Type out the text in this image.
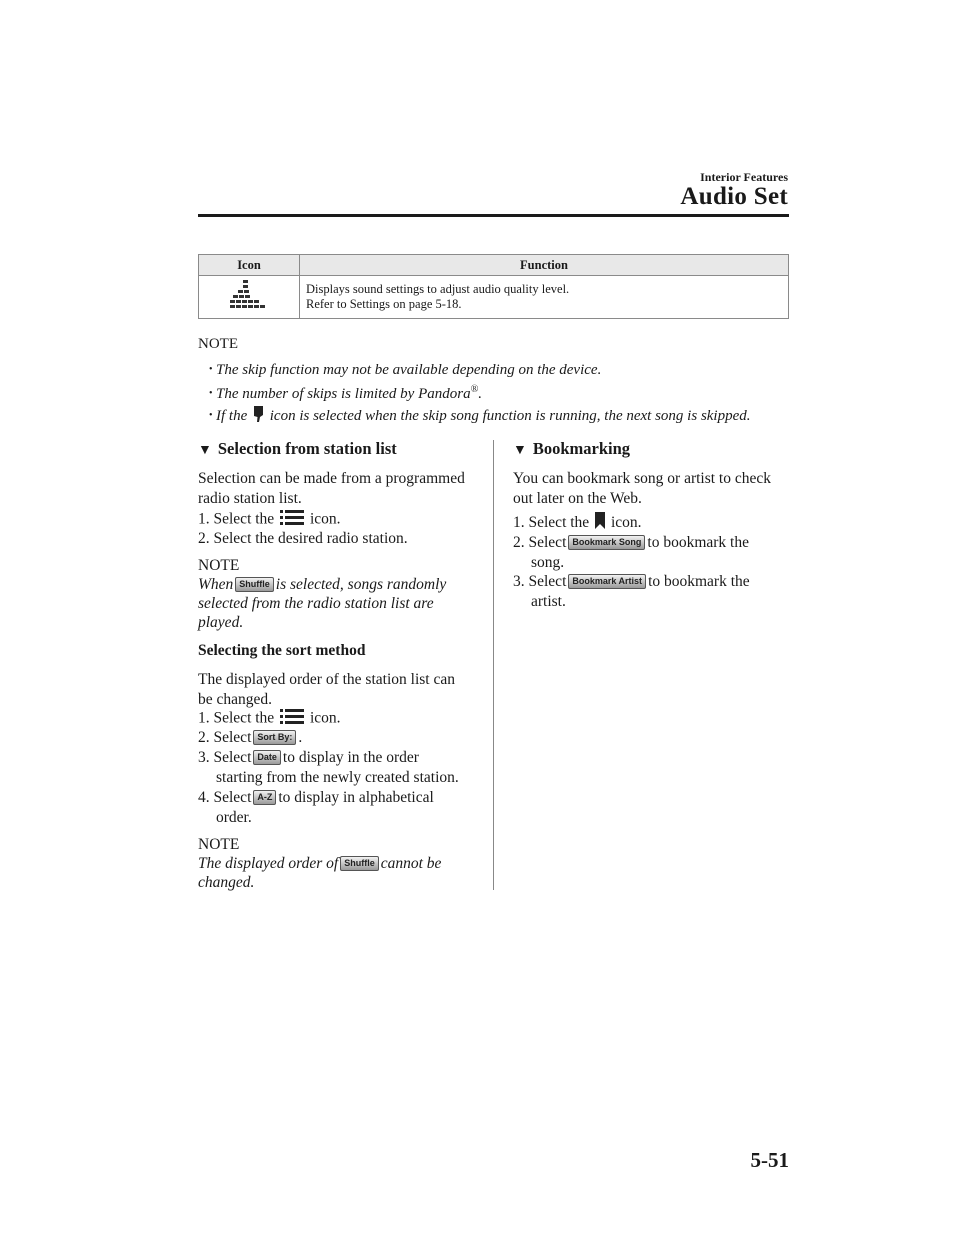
Interior Features
Audio Set
Icon	Function

Displays sound settings to adjust audio quality level.
Refer to Settings on page 5-18.
NOTE
• The skip function may not be available depending on the device.
• The number of skips is limited by Pandora®.
• If the icon is selected when the skip song function is running, the next song is skipped.
▼ Selection from station list
Selection can be made from a programmed
radio station list.
1. Select the icon.
2. Select the desired radio station.
NOTE
When Shuffle is selected, songs randomly
selected from the radio station list are
played.
Selecting the sort method
The displayed order of the station list can
be changed.
1. Select the icon.
2. Select Sort By: .
3. Select Date to display in the order
starting from the newly created station.
4. Select A-Z to display in alphabetical
order.
NOTE
The displayed order of Shuffle cannot be
changed.
▼ Bookmarking
You can bookmark song or artist to check
out later on the Web.
1. Select the icon.
2. Select Bookmark Song to bookmark the
song.
3. Select Bookmark Artist to bookmark the
artist.
5-51
